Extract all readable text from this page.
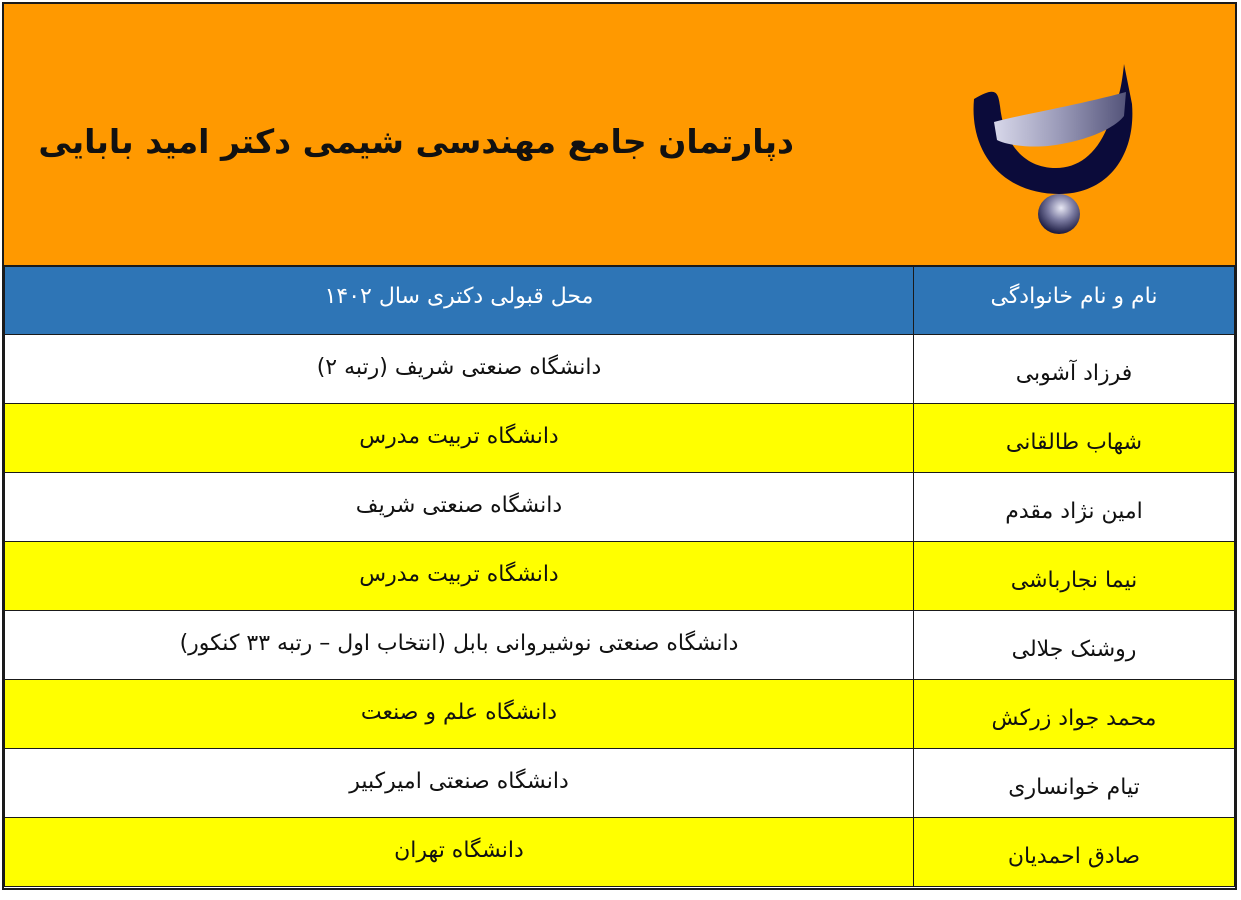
دپارتمان جامع مهندسی شیمی دکتر امید بابایی
نام و نام خانوادگی	محل قبولی دکتری سال ۱۴۰۲
فرزاد آشوبی	دانشگاه صنعتی شریف (رتبه ۲)
شهاب طالقانی	دانشگاه تربیت مدرس
امین نژاد مقدم	دانشگاه صنعتی شریف
نیما نجارباشی	دانشگاه تربیت مدرس
روشنک جلالی	دانشگاه صنعتی نوشیروانی بابل (انتخاب اول – رتبه ۳۳ کنکور)
محمد جواد زرکش	دانشگاه علم و صنعت
تیام خوانساری	دانشگاه صنعتی امیرکبیر
صادق احمدیان	دانشگاه تهران
